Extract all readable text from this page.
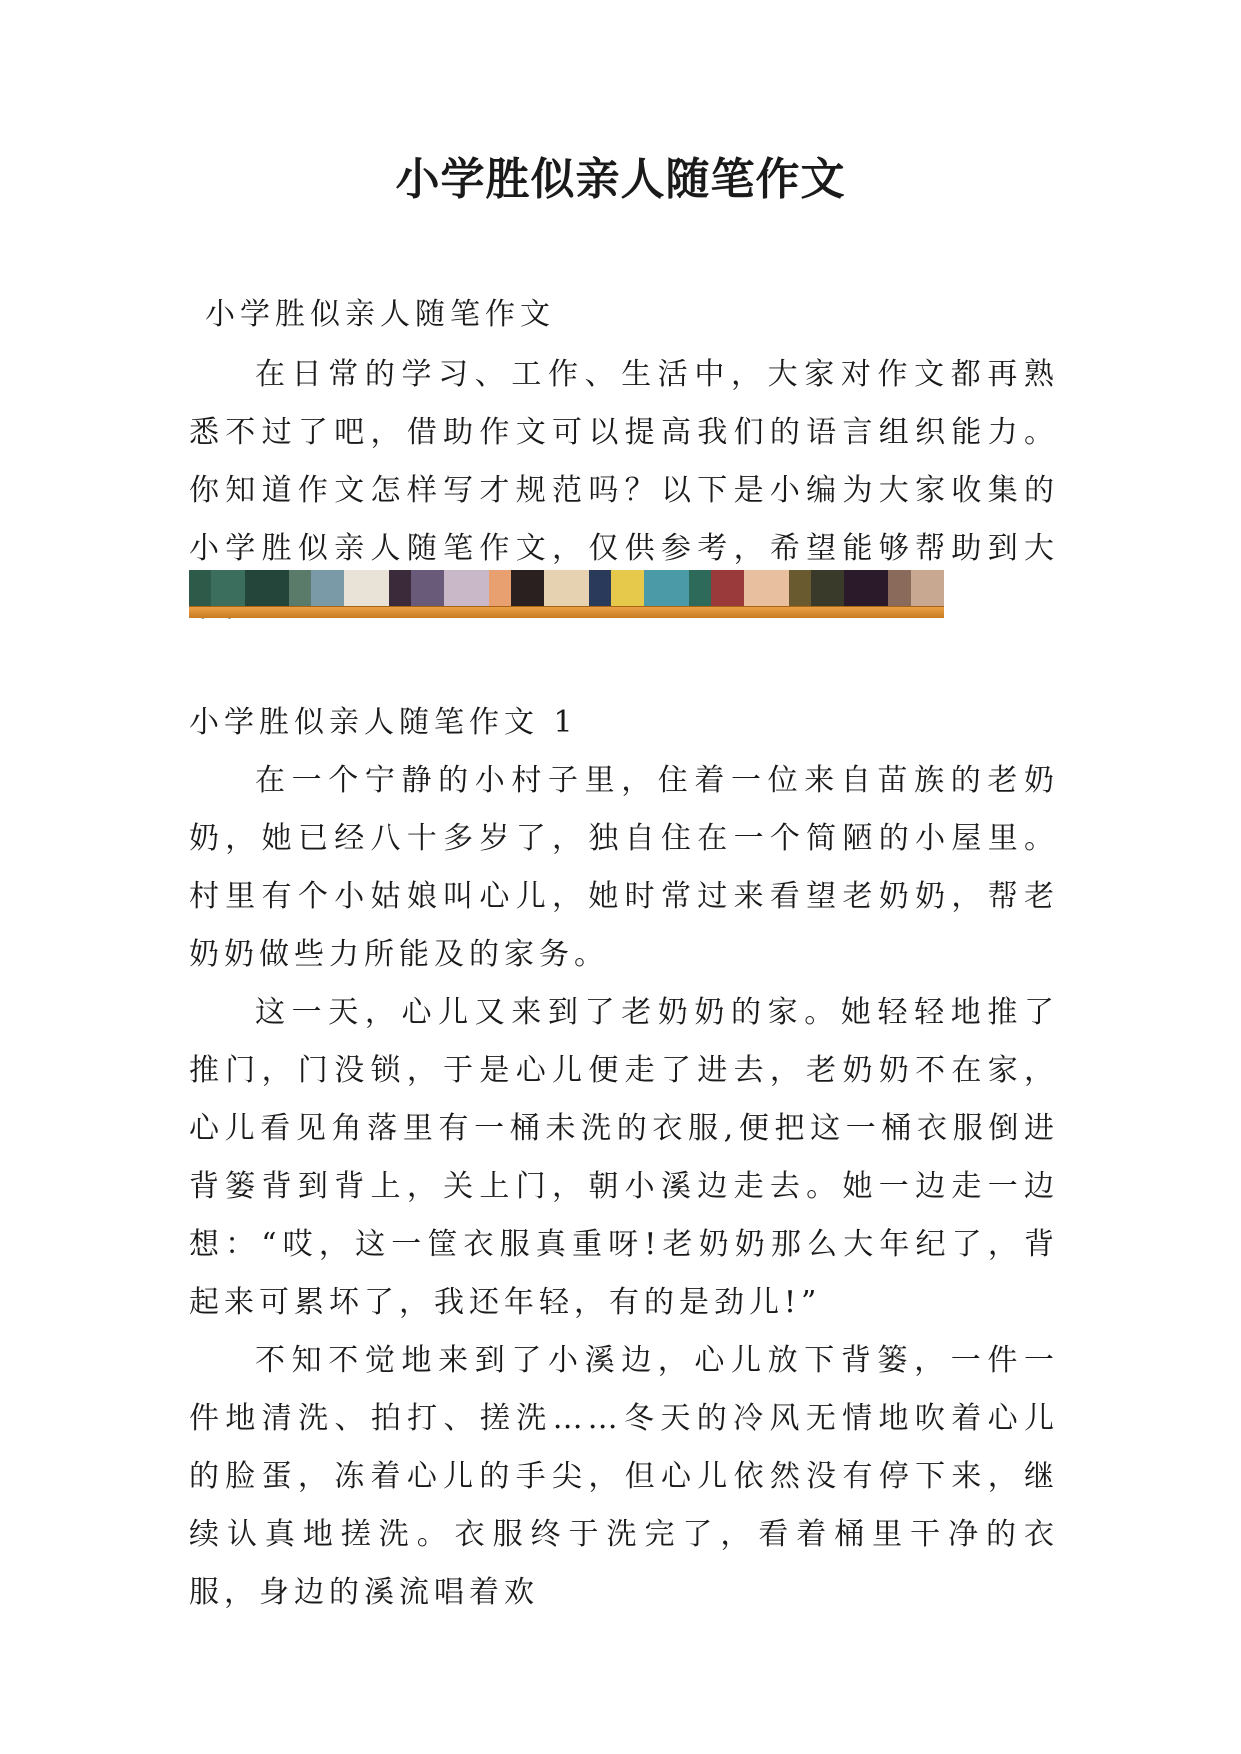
小学胜似亲人随笔作文
小学胜似亲人随笔作文

在日常的学习、工作、生活中，大家对作文都再熟悉不过了吧，借助作文可以提高我们的语言组织能力。你知道作文怎样写才规范吗？以下是小编为大家收集的小学胜似亲人随笔作文，仅供参考，希望能够帮助到大

小学胜似亲人随笔作文 1

在一个宁静的小村子里，住着一位来自苗族的老奶奶，她已经八十多岁了，独自住在一个简陋的小屋里。村里有个小姑娘叫心儿，她时常过来看望老奶奶，帮老奶奶做些力所能及的家务。

这一天，心儿又来到了老奶奶的家。她轻轻地推了推门，门没锁，于是心儿便走了进去，老奶奶不在家，心儿看见角落里有一桶未洗的衣服,便把这一桶衣服倒进背篓背到背上，关上门，朝小溪边走去。她一边走一边想：“哎，这一筐衣服真重呀!老奶奶那么大年纪了，背起来可累坏了，我还年轻，有的是劲儿!”

不知不觉地来到了小溪边，心儿放下背篓，一件一件地清洗、拍打、搓洗……冬天的冷风无情地吹着心儿的脸蛋，冻着心儿的手尖，但心儿依然没有停下来，继续认真地搓洗。衣服终于洗完了，看着桶里干净的衣服，身边的溪流唱着欢
